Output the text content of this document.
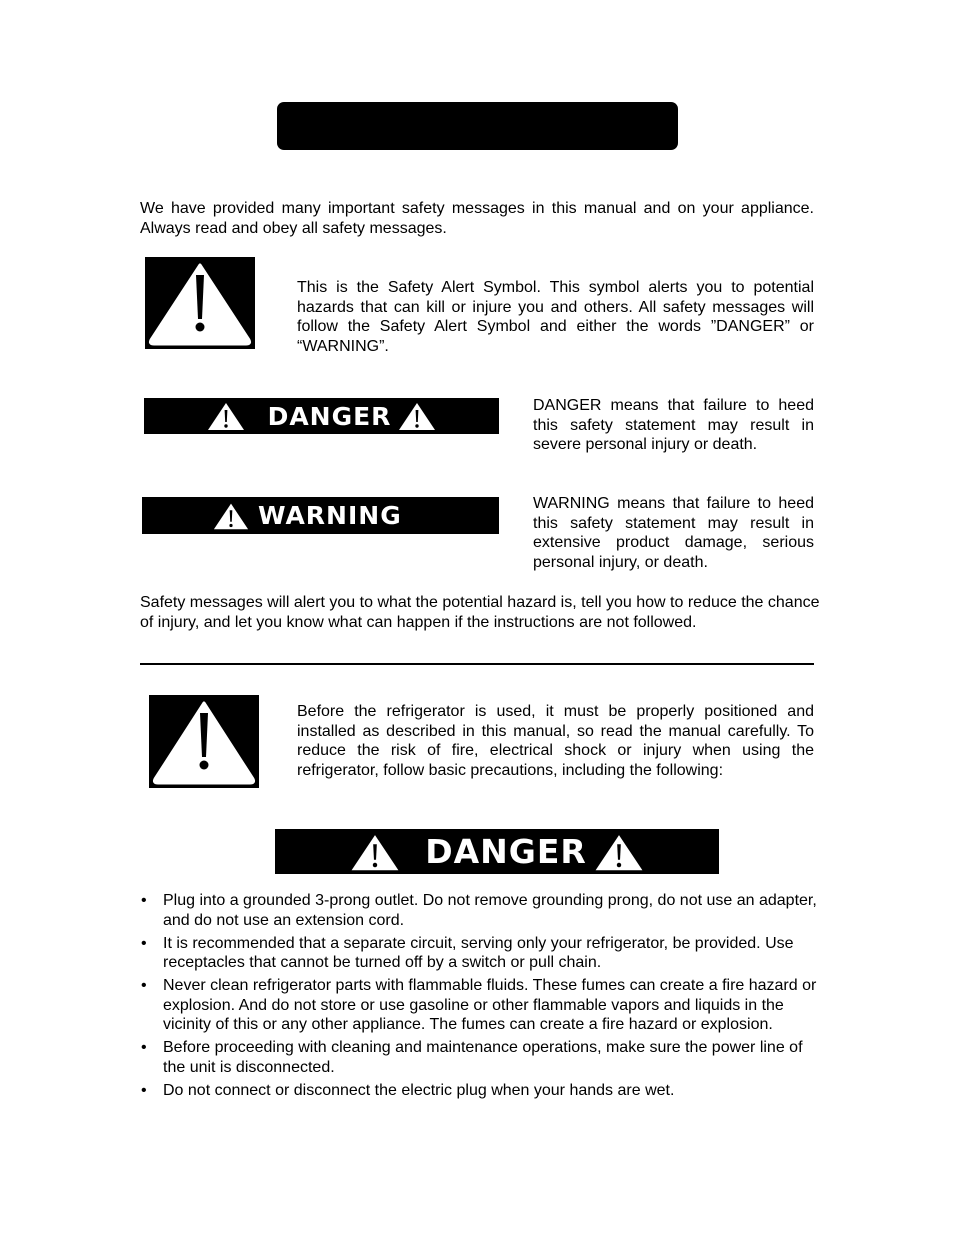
We have provided many important safety messages in this manual and on your appliance. Always read and obey all safety messages.

This is the Safety Alert Symbol. This symbol alerts you to potential hazards that can kill or injure you and others. All safety messages will follow the Safety Alert Symbol and either the words ”DANGER” or “WARNING”.

DANGER	DANGER means that failure to heed this safety statement may result in severe personal injury or death.

WARNING	WARNING means that failure to heed this safety statement may result in extensive product damage, serious personal injury, or death.

Safety messages will alert you to what the potential hazard is, tell you how to reduce the chance of injury, and let you know what can happen if the instructions are not followed.

Before the refrigerator is used, it must be properly positioned and installed as described in this manual, so read the manual carefully. To reduce the risk of fire, electrical shock or injury when using the refrigerator, follow basic precautions, including the following:

DANGER
• Plug into a grounded 3-prong outlet. Do not remove grounding prong, do not use an adapter, and do not use an extension cord.
• It is recommended that a separate circuit, serving only your refrigerator, be provided. Use receptacles that cannot be turned off by a switch or pull chain.
• Never clean refrigerator parts with flammable fluids. These fumes can create a fire hazard or explosion. And do not store or use gasoline or other flammable vapors and liquids in the vicinity of this or any other appliance. The fumes can create a fire hazard or explosion.
• Before proceeding with cleaning and maintenance operations, make sure the power line of the unit is disconnected.
• Do not connect or disconnect the electric plug when your hands are wet.
